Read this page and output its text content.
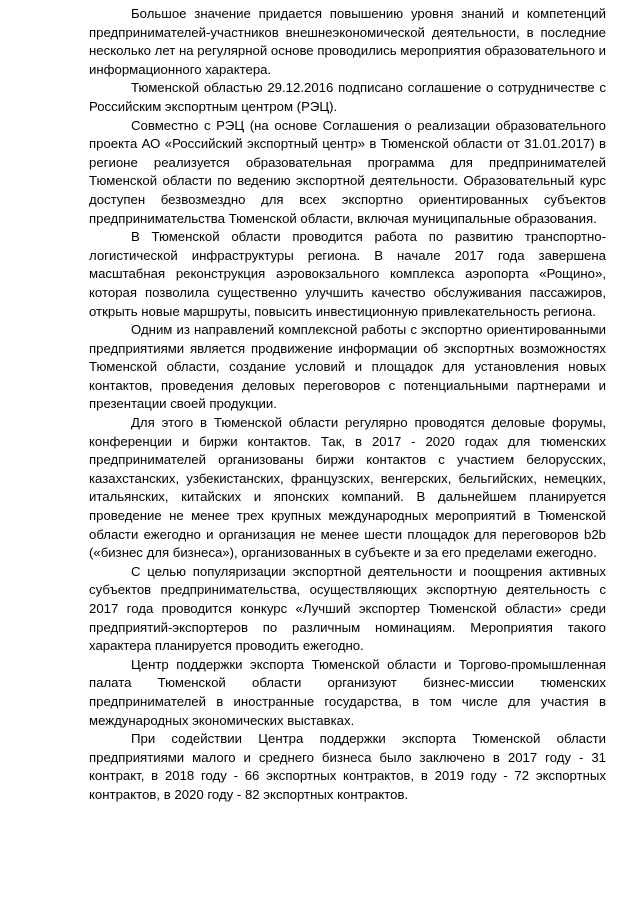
Большое значение придается повышению уровня знаний и компетенций предпринимателей-участников внешнеэкономической деятельности, в последние несколько лет на регулярной основе проводились мероприятия образовательного и информационного характера.

Тюменской областью 29.12.2016 подписано соглашение о сотрудничестве с Российским экспортным центром (РЭЦ).

Совместно с РЭЦ (на основе Соглашения о реализации образовательного проекта АО «Российский экспортный центр» в Тюменской области от 31.01.2017) в регионе реализуется образовательная программа для предпринимателей Тюменской области по ведению экспортной деятельности. Образовательный курс доступен безвозмездно для всех экспортно ориентированных субъектов предпринимательства Тюменской области, включая муниципальные образования.

В Тюменской области проводится работа по развитию транспортно-логистической инфраструктуры региона. В начале 2017 года завершена масштабная реконструкция аэровокзального комплекса аэропорта «Рощино», которая позволила существенно улучшить качество обслуживания пассажиров, открыть новые маршруты, повысить инвестиционную привлекательность региона.

Одним из направлений комплексной работы с экспортно ориентированными предприятиями является продвижение информации об экспортных возможностях Тюменской области, создание условий и площадок для установления новых контактов, проведения деловых переговоров с потенциальными партнерами и презентации своей продукции.

Для этого в Тюменской области регулярно проводятся деловые форумы, конференции и биржи контактов. Так, в 2017 - 2020 годах для тюменских предпринимателей организованы биржи контактов с участием белорусских, казахстанских, узбекистанских, французских, венгерских, бельгийских, немецких, итальянских, китайских и японских компаний. В дальнейшем планируется проведение не менее трех крупных международных мероприятий в Тюменской области ежегодно и организация не менее шести площадок для переговоров b2b («бизнес для бизнеса»), организованных в субъекте и за его пределами ежегодно.

С целью популяризации экспортной деятельности и поощрения активных субъектов предпринимательства, осуществляющих экспортную деятельность с 2017 года проводится конкурс «Лучший экспортер Тюменской области» среди предприятий-экспортеров по различным номинациям. Мероприятия такого характера планируется проводить ежегодно.

Центр поддержки экспорта Тюменской области и Торгово-промышленная палата Тюменской области организуют бизнес-миссии тюменских предпринимателей в иностранные государства, в том числе для участия в международных экономических выставках.

При содействии Центра поддержки экспорта Тюменской области предприятиями малого и среднего бизнеса было заключено в 2017 году - 31 контракт, в 2018 году - 66 экспортных контрактов, в 2019 году - 72 экспортных контрактов, в 2020 году - 82 экспортных контрактов.
